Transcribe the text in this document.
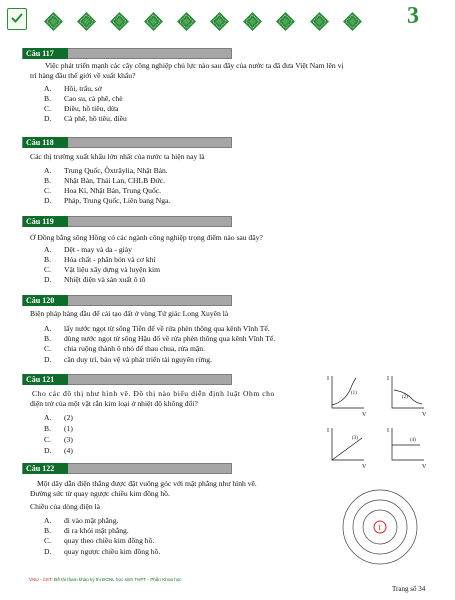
3
Câu 117
Việc phát triển mạnh các cây công nghiệp chủ lực nào sau đây của nước ta đã đưa Việt Nam lên vị
trí hàng đầu thế giới về xuất khẩu?
A. Hồi, trẩu, sở
B. Cao su, cà phê, chè
C. Điều, hồ tiêu, dừa
D. Cà phê, hồ tiêu, điều
Câu 118
Các thị trường xuất khẩu lớn nhất của nước ta hiện nay là
A. Trung Quốc, Ôxtrâylia, Nhật Bản.
B. Nhật Bản, Thái Lan, CHLB Đức.
C. Hoa Kì, Nhật Bản, Trung Quốc.
D. Pháp, Trung Quốc, Liên bang Nga.
Câu 119
Ở Đồng bằng sông Hồng có các ngành công nghiệp trọng điểm nào sau đây?
A. Dệt - may và da - giày
B. Hóa chất - phân bón và cơ khí
C. Vật liệu xây dựng và luyện kim
D. Nhiệt điện và sản xuất ô tô
Câu 120
Biện pháp hàng đầu để cải tạo đất ở vùng Tứ giác Long Xuyên là
A. lấy nước ngọt từ sông Tiền để về rửa phèn thông qua kênh Vĩnh Tế.
B. dùng nước ngọt từ sông Hậu đổ về rửa phèn thông qua kênh Vĩnh Tế.
C. chia ruộng thành ô nhỏ để thau chua, rửa mặn.
D. cần duy trì, bảo vệ và phát triển tài nguyên rừng.
Câu 121
Cho các đồ thị như hình vẽ. Đồ thị nào biểu diễn định luật Ohm cho
điện trở của một vật rắn kim loại ở nhiệt độ không đổi?
A. (2)
B. (1)
C. (3)
D. (4)
I
V
(1)
I
V
(2)
I
V
(3)
I
V
(4)
Câu 122
Một dây dẫn điện thẳng được đặt vuông góc với mặt phẳng như hình vẽ.
Đường sức từ quay ngược chiều kim đồng hồ.
Chiều của dòng điện là
A. đi vào mặt phẳng.
B. đi ra khỏi mặt phẳng.
C. quay theo chiều kim đồng hồ.
D. quay ngược chiều kim đồng hồ.
I
VNU - CET: Đề thi tham khảo kỳ thi ĐGNL học sinh THPT - Phần Khoa học
Trang số 34
